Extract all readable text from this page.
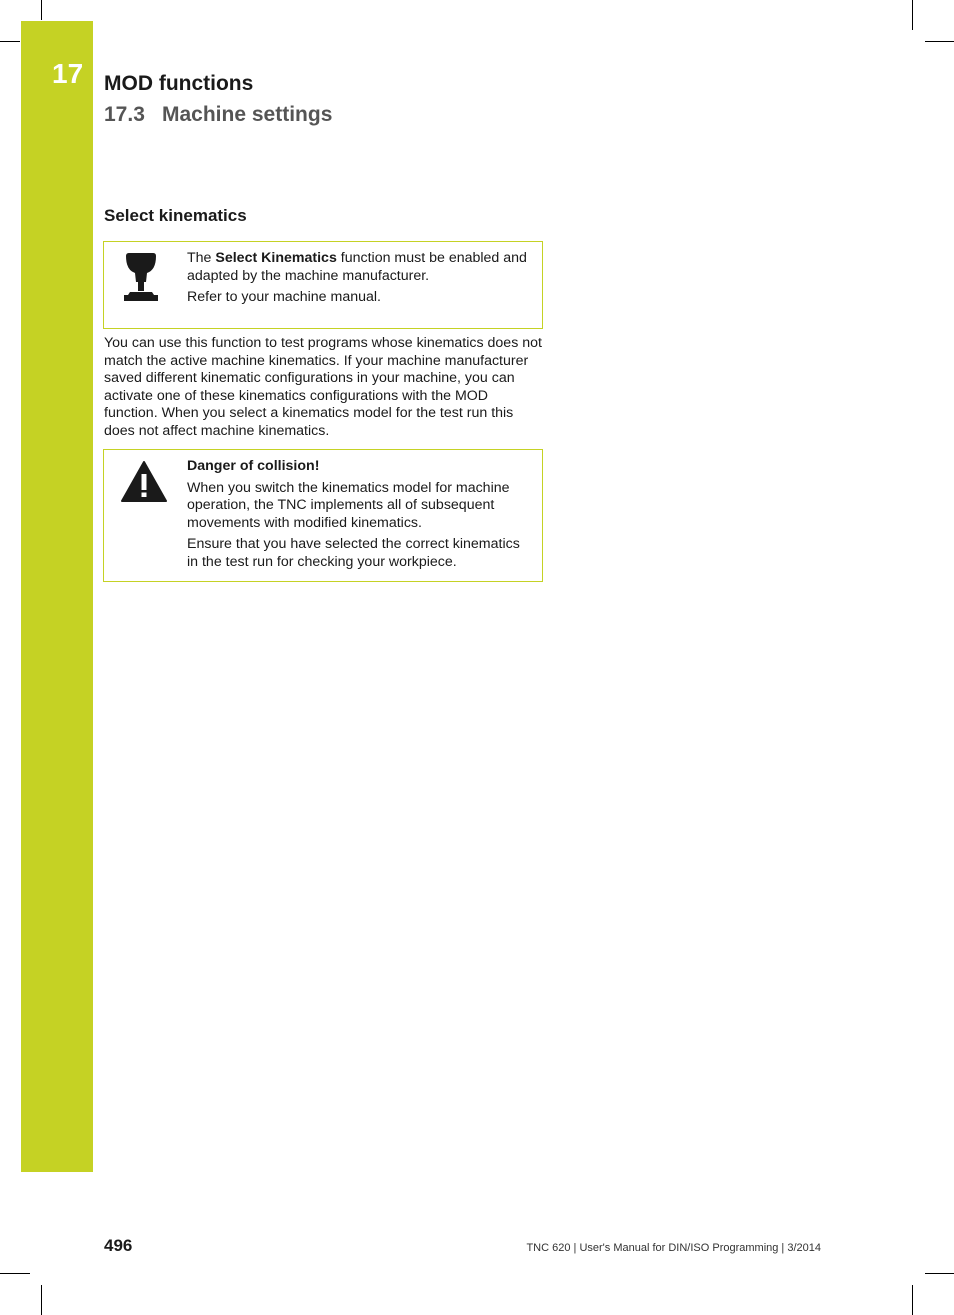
17 MOD functions
17.3 Machine settings
Select kinematics

The Select Kinematics function must be enabled and adapted by the machine manufacturer.

Refer to your machine manual.

You can use this function to test programs whose kinematics does not match the active machine kinematics. If your machine manufacturer saved different kinematic configurations in your machine, you can activate one of these kinematics configurations with the MOD function. When you select a kinematics model for the test run this does not affect machine kinematics.

Danger of collision!

When you switch the kinematics model for machine operation, the TNC implements all of subsequent movements with modified kinematics.

Ensure that you have selected the correct kinematics in the test run for checking your workpiece.

496	TNC 620 | User's Manual for DIN/ISO Programming | 3/2014
